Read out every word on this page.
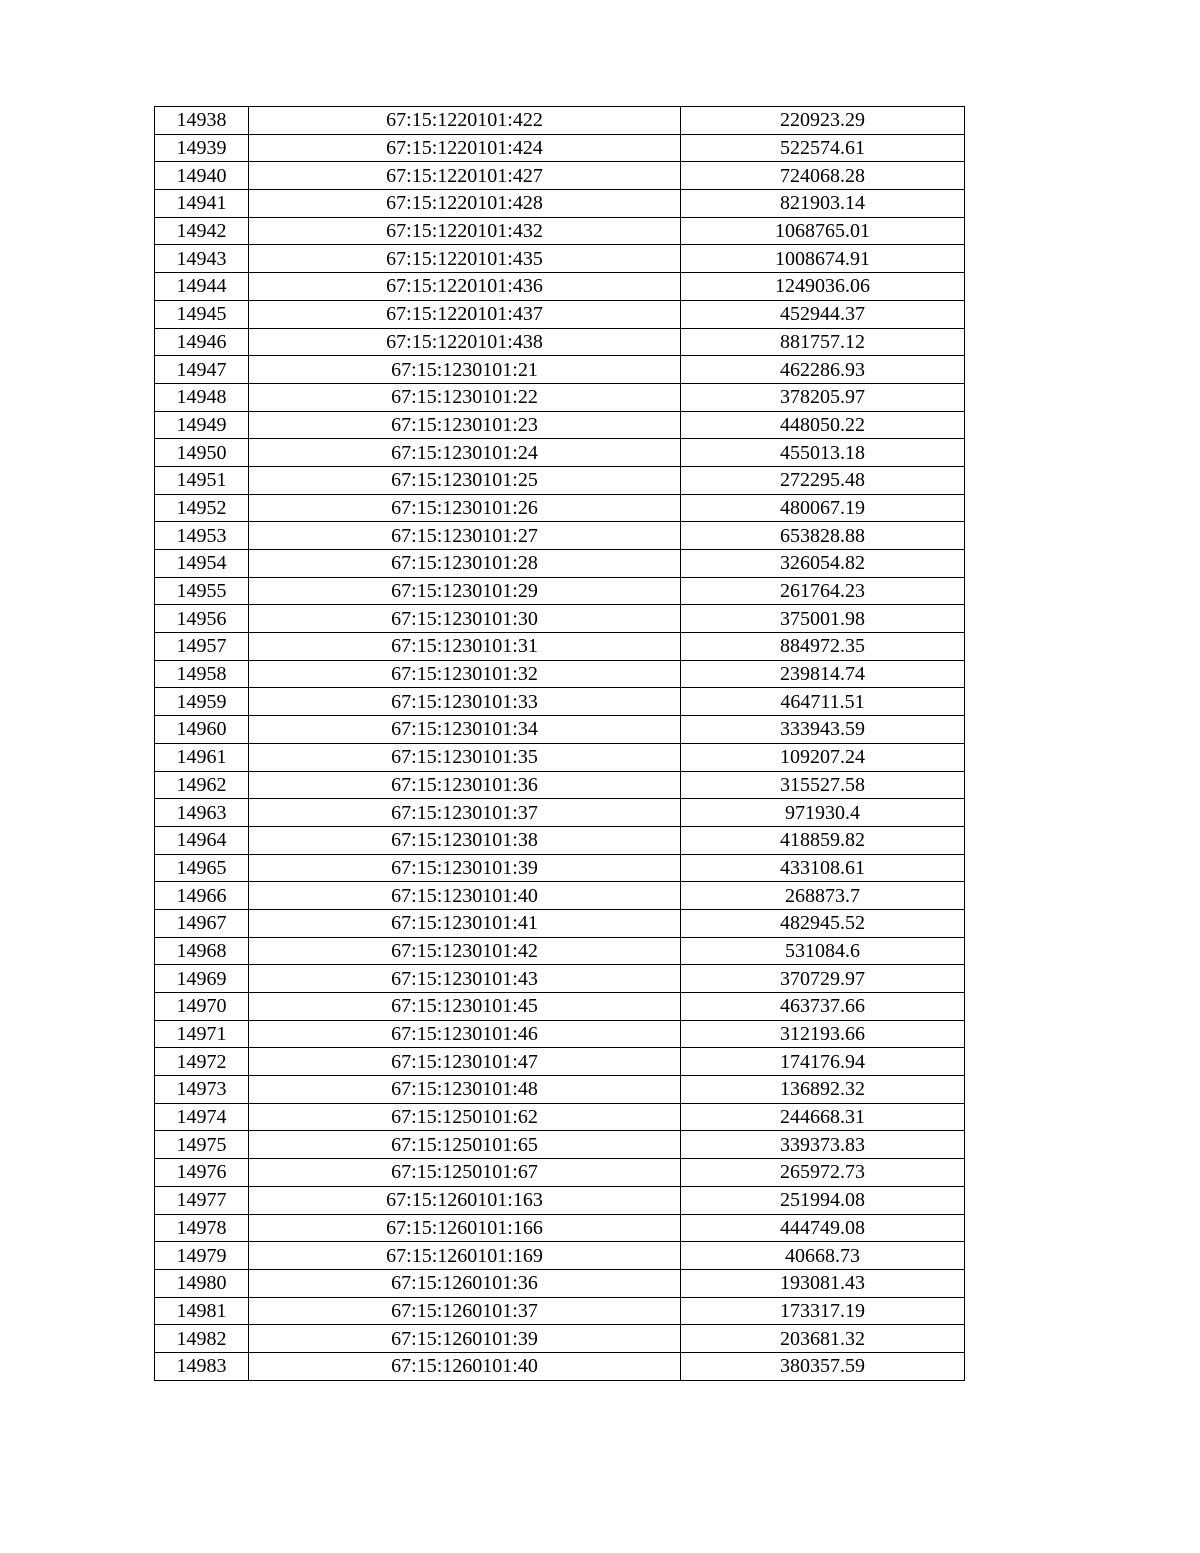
14938	67:15:1220101:422	220923.29
14939	67:15:1220101:424	522574.61
14940	67:15:1220101:427	724068.28
14941	67:15:1220101:428	821903.14
14942	67:15:1220101:432	1068765.01
14943	67:15:1220101:435	1008674.91
14944	67:15:1220101:436	1249036.06
14945	67:15:1220101:437	452944.37
14946	67:15:1220101:438	881757.12
14947	67:15:1230101:21	462286.93
14948	67:15:1230101:22	378205.97
14949	67:15:1230101:23	448050.22
14950	67:15:1230101:24	455013.18
14951	67:15:1230101:25	272295.48
14952	67:15:1230101:26	480067.19
14953	67:15:1230101:27	653828.88
14954	67:15:1230101:28	326054.82
14955	67:15:1230101:29	261764.23
14956	67:15:1230101:30	375001.98
14957	67:15:1230101:31	884972.35
14958	67:15:1230101:32	239814.74
14959	67:15:1230101:33	464711.51
14960	67:15:1230101:34	333943.59
14961	67:15:1230101:35	109207.24
14962	67:15:1230101:36	315527.58
14963	67:15:1230101:37	971930.4
14964	67:15:1230101:38	418859.82
14965	67:15:1230101:39	433108.61
14966	67:15:1230101:40	268873.7
14967	67:15:1230101:41	482945.52
14968	67:15:1230101:42	531084.6
14969	67:15:1230101:43	370729.97
14970	67:15:1230101:45	463737.66
14971	67:15:1230101:46	312193.66
14972	67:15:1230101:47	174176.94
14973	67:15:1230101:48	136892.32
14974	67:15:1250101:62	244668.31
14975	67:15:1250101:65	339373.83
14976	67:15:1250101:67	265972.73
14977	67:15:1260101:163	251994.08
14978	67:15:1260101:166	444749.08
14979	67:15:1260101:169	40668.73
14980	67:15:1260101:36	193081.43
14981	67:15:1260101:37	173317.19
14982	67:15:1260101:39	203681.32
14983	67:15:1260101:40	380357.59
